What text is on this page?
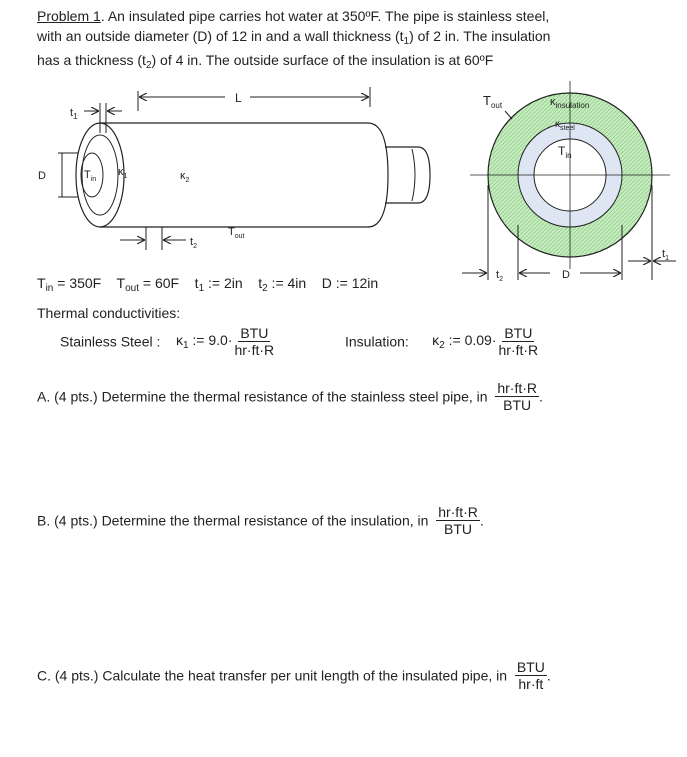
Problem 1. An insulated pipe carries hot water at 350ºF. The pipe is stainless steel,
with an outside diameter (D) of 12 in and a wall thickness $(t_1)$ of 2 in. The insulation
has a thickness $(t_2)$ of 4 in. The outside surface of the insulation is at 60ºF
L
$t_1$
D	$T_{in}$
$\kappa_1$	$\kappa_2$
$T_{out}$
$t_2$
$T_{out}$	$\kappa_{insulation}$
$\kappa_{steel}$
$T_{in}$
$t_2$	D
$t_1$
$T_{in} = 350F$ $T_{out} = 60F$ $t_1$ := 2in $t_2$ := 4in D := 12in
Thermal conductivities:
Stainless Steel : $\kappa_1$ := $9.0\cdot \frac{\text{BTU}}{hr\cdot ft\cdot R}$	Insulation: $\kappa_2$ := $0.09\cdot \frac{\text{BTU}}{hr\cdot ft\cdot R}$
A. (4 pts.) Determine the thermal resistance of the stainless steel pipe, in $\frac{hr\cdot ft\cdot R}{\text{BTU}}$ .
B. (4 pts.) Determine the thermal resistance of the insulation, in $\frac{hr\cdot ft\cdot R}{\text{BTU}}$ .
C. (4 pts.) Calculate the heat transfer per unit length of the insulated pipe, in $\frac{\text{BTU}}{hr\cdot ft}$ .
